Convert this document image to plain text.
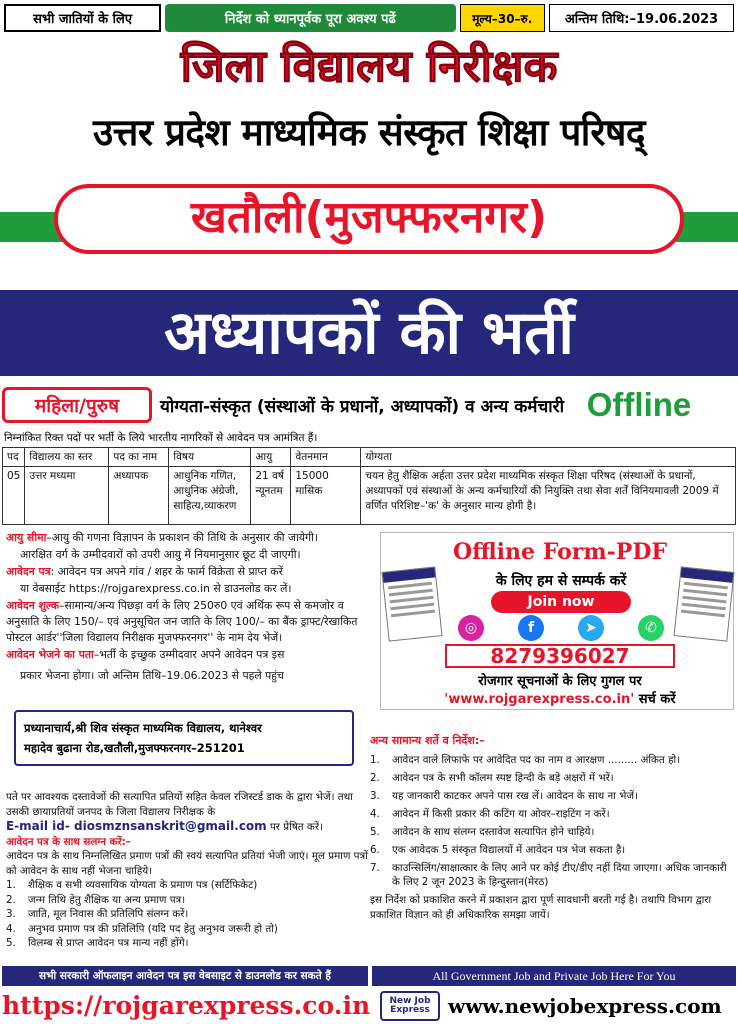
सभी जातियों के लिए	निर्देश को ध्यानपूर्वक पूरा अवश्य पढें	मूल्य–30–रु.	अन्तिम तिथि:–19.06.2023
जिला विद्यालय निरीक्षक
उत्तर प्रदेश माध्यमिक संस्कृत शिक्षा परिषद्
खतौली(मुजफ्फरनगर)
अध्यापकों की भर्ती
महिला/पुरुष	योग्यता-संस्कृत (संस्थाओं के प्रधानों, अध्यापकों) व अन्य कर्मचारी Offline
निम्नांकित रिक्त पदों पर भर्ती के लिये भारतीय नागरिकों से आवेदन पत्र आमंत्रित हैं।
पद	विद्यालय का स्तर	पद का नाम	विषय	आयु	वेतनमान	योग्यता
05	उत्तर मध्यमा	अध्यापक	आधुनिक गणित, आधुनिक अंग्रेजी, साहित्य,व्याकरण	21 वर्ष न्यूनतम	15000 मासिक	चयन हेतु शैक्षिक अर्हता उत्तर प्रदेश माध्यमिक संस्कृत शिक्षा परिषद (संस्थाओं के प्रधानों, अध्यापकों एवं संस्थाओं के अन्य कर्मचारियों की नियुक्ति तथा सेवा शर्तें विनियमावली 2009 में वर्णित परिशिष्ट–'क' के अनुसार मान्य होगी है।

आयु सीमा–आयु की गणना विज्ञापन के प्रकाशन की तिथि के अनुसार की जायेगी।

आरक्षित वर्ग के उम्मीदवारों को उपरी आयु में नियमानुसार छूट दी जाएगी।

आवेदन पत्र: आवेदन पत्र अपने गांव / शहर के फार्म विक्रेता से प्राप्त करें

या वेबसाईट https://rojgarexpress.co.in से डाउनलोड कर लें।

आवेदन शुल्क–सामान्य/अन्य पिछड़ा वर्ग के लिए 250रु0 एवं अर्थिक रूप से कमजोर व अनुसाति के लिए 150/– एवं अनुसूचित जन जाति के लिए 100/– का बैंक ड्राफ्ट/रेखाकित पोस्टल आर्डर''जिला विद्यालय निरीक्षक मुजफ्फरनगर'' के नाम देय भेजें।

आवेदन भेजने का पता–भर्ती के इच्छुक उम्मीदवार अपने आवेदन पत्र इस

प्रकार भेजना होगा। जो अन्तिम तिथि–19.06.2023 से पहले पहुंच

प्रध्यानाचार्य,श्री शिव संस्कृत माध्यमिक विद्यालय, थानेश्वर
महादेव बुढाना रोड,खतौली,मुजफ्फरनगर–251201

पते पर आवश्यक दस्तावेजों की सत्यापित प्रतियों सहित केवल रजिस्टर्ड डाक के द्वारा भेजें। तथा उसकी छायाप्रतियों जनपद के जिला विद्यालय निरीक्षक के

E-mail id- diosmznsanskrit@gmail.com पर प्रेषित करें।

आवेदन पत्र के साथ सलग्न करें:–

आवेदन पत्र के साथ निम्नलिखित प्रमाण पत्रों की स्वयं सत्यापित प्रतियां भेजी जाएं। मूल प्रमाण पत्रों को आवेदन के साथ नहीं भेजना चाहिये।

1.	शैक्षिक व सभी व्यवसायिक योग्यता के प्रमाण पत्र (सर्टिफिकेट)
2.	जन्म तिथि हेतु शैक्षिक या अन्य प्रमाण पत्र।
3.	जाति, मूल निवास की प्रतिलिपि संलग्न करें।
4.	अनुभव प्रमाण पत्र की प्रतिलिपि (यदि पद हेतु अनुभव जरूरी हो तो)
5.	विलम्ब से प्राप्त आवेदन पत्र मान्य नहीं होंगे।
Offline Form-PDF
के लिए हम से सम्पर्क करें
Join now
◎	f	➤	✆
8279396027
रोजगार सूचनाओं के लिए गुगल पर
'www.rojgarexpress.co.in' सर्च करें
अन्य सामान्य शर्ते व निर्देश:–
1.	आवेदन वाले लिफाफे पर आवेदित पद का नाम व आरक्षण ......... अंकित हो।
2.	आवेदन पत्र के सभी कॉलम स्पष्ट हिन्दी के बड़े अक्षरों में भरें।
3.	यह जानकारी काटकर अपने पास रख लें। आवेदन के साथ ना भेजें।
4.	आवेदन में किसी प्रकार की कटिंग या ओवर–राइटिंग न करें।
5.	आवेदन के साथ संलग्न दस्तावेज सत्यापित होने चाहिये।
6.	एक आवेदक 5 संस्कृत विद्यालयों में आवेदन पत्र भेज सकता है।
7.	काउन्सिलिंग/साक्षात्कार के लिए आने पर कोई टीए/डीए नहीं दिया जाएगा। अधिक जानकारी के लिए 2 जून 2023 के हिन्दुस्तान(मेरठ)

इस निर्देश को प्रकाशित करने में प्रकाशन द्वारा पूर्ण सावधानी बरती गई है। तथापि विभाग द्वारा प्रकाशित विज्ञान को ही अधिकारिक समझा जायें।

सभी सरकारी ऑफलाइन आवेदन पत्र इस वेबसाइट से डाउनलोड कर सकते हैं
https://rojgarexpress.co.in
All Government Job and Private Job Here For You
New Job Express www.newjobexpress.com
